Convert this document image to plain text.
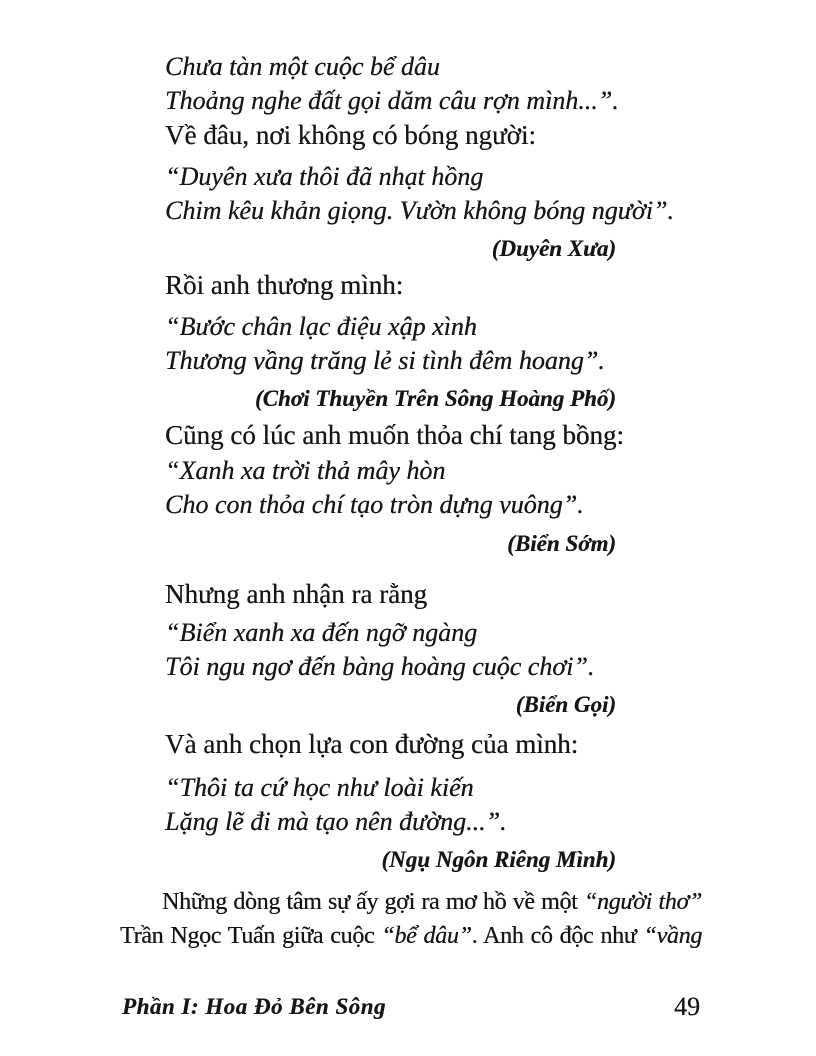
Chưa tàn một cuộc bể dâu
Thoảng nghe đất gọi dăm câu rợn mình...”.

Về đâu, nơi không có bóng người:

“Duyên xưa thôi đã nhạt hồng
Chim kêu khản giọng. Vườn không bóng người”.

(Duyên Xưa)

Rồi anh thương mình:

“Bước chân lạc điệu xập xình
Thương vầng trăng lẻ si tình đêm hoang”.

(Chơi Thuyền Trên Sông Hoàng Phố)

Cũng có lúc anh muốn thỏa chí tang bồng:

“Xanh xa trời thả mây hòn
Cho con thỏa chí tạo tròn dựng vuông”.

(Biển Sớm)

Nhưng anh nhận ra rằng

“Biển xanh xa đến ngỡ ngàng
Tôi ngu ngơ đến bàng hoàng cuộc chơi”.

(Biển Gọi)

Và anh chọn lựa con đường của mình:

“Thôi ta cứ học như loài kiến
Lặng lẽ đi mà tạo nên đường...”.

(Ngụ Ngôn Riêng Mình)

Những dòng tâm sự ấy gợi ra mơ hồ về một “người thơ”
Trần Ngọc Tuấn giữa cuộc “bể dâu”. Anh cô độc như “vầng

Phần I: Hoa Đỏ Bên Sông	49
